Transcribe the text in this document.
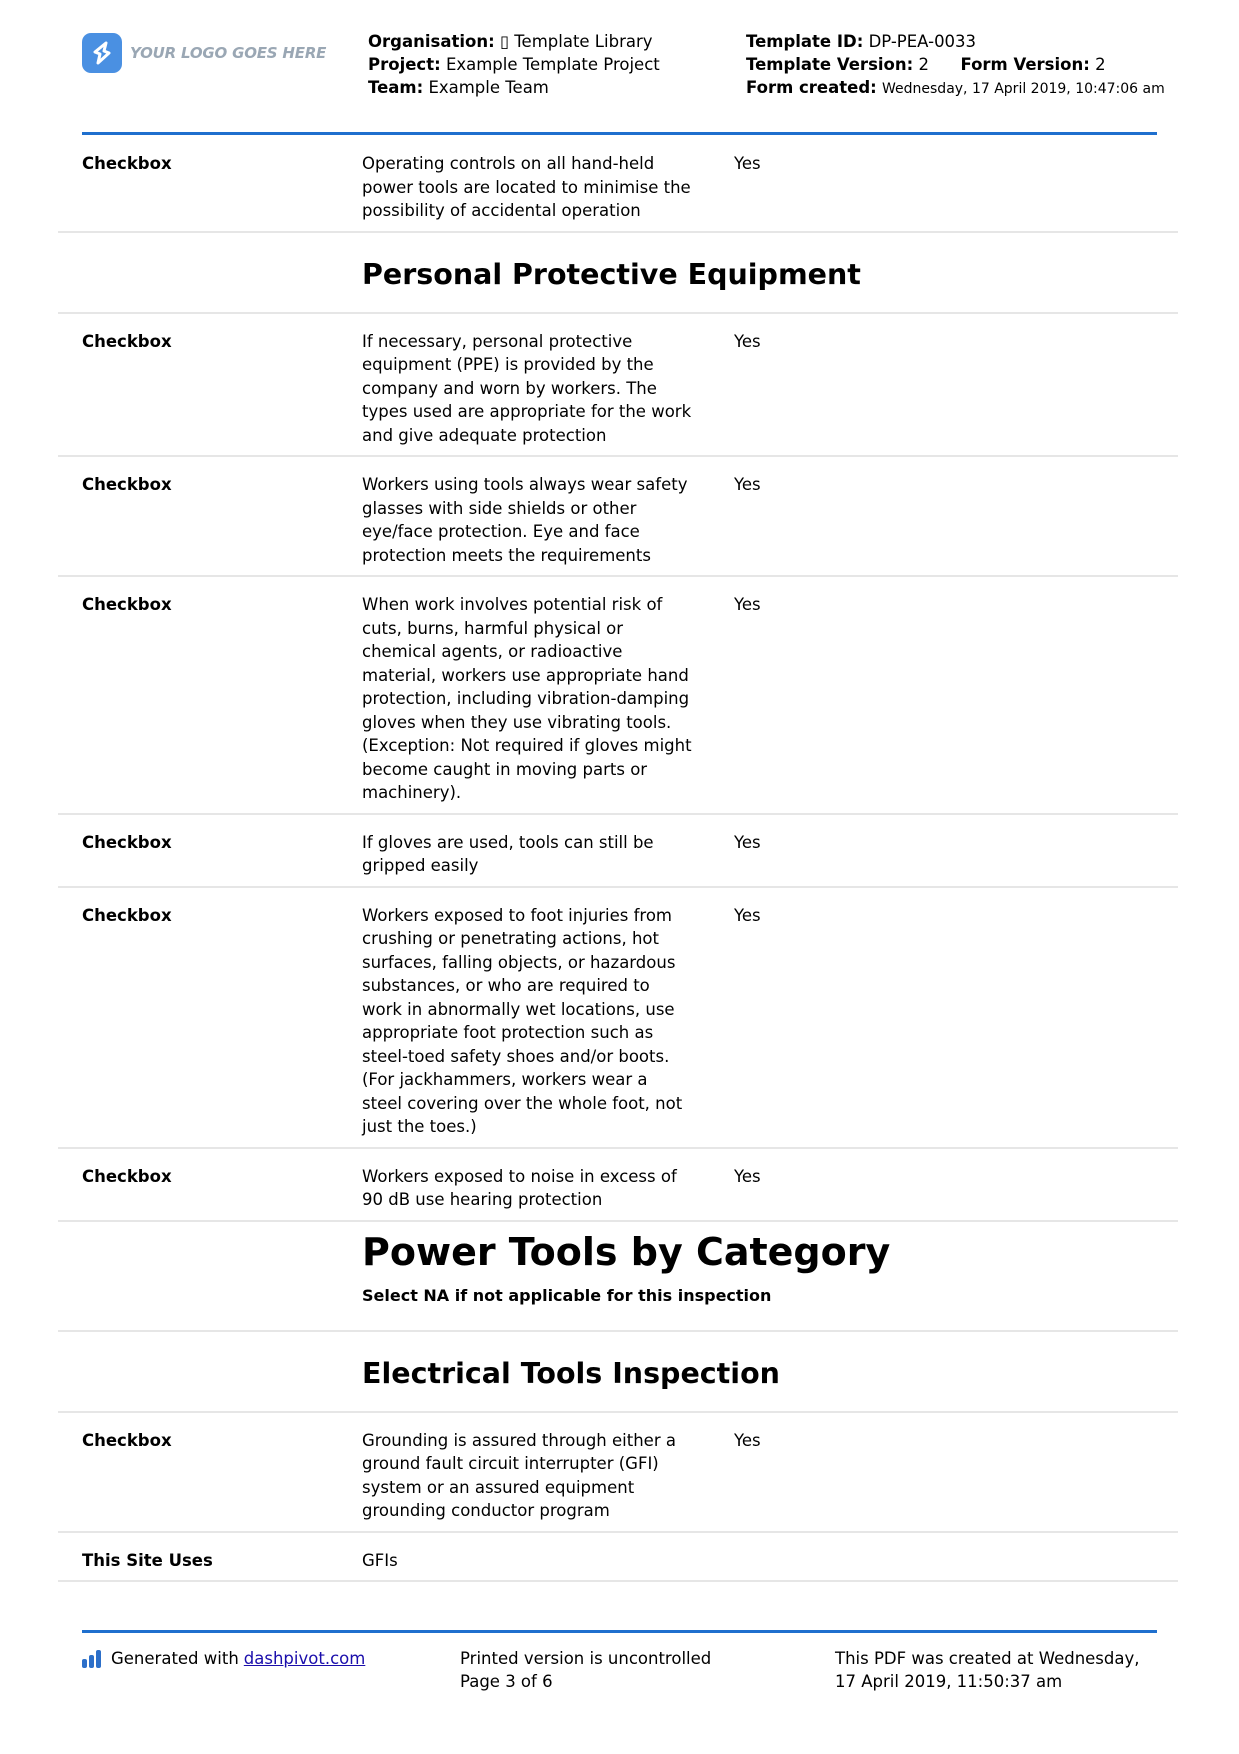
YOUR LOGO GOES HERE
Organisation: ▯ Template Library
Project: Example Template Project
Team: Example Team
Template ID: DP-PEA-0033
Template Version: 2 Form Version: 2
Form created: Wednesday, 17 April 2019, 10:47:06 am
Checkbox	Operating controls on all hand-held power tools are located to minimise the possibility of accidental operation
Yes
Personal Protective Equipment
Checkbox	If necessary, personal protective equipment (PPE) is provided by the company and worn by workers. The types used are appropriate for the work and give adequate protection
Yes
Checkbox	Workers using tools always wear safety glasses with side shields or other eye/face protection. Eye and face protection meets the requirements
Yes
Checkbox	When work involves potential risk of cuts, burns, harmful physical or chemical agents, or radioactive material, workers use appropriate hand protection, including vibration-damping gloves when they use vibrating tools. (Exception: Not required if gloves might become caught in moving parts or machinery).
Yes
Checkbox	If gloves are used, tools can still be gripped easily
Yes
Checkbox	Workers exposed to foot injuries from crushing or penetrating actions, hot surfaces, falling objects, or hazardous substances, or who are required to work in abnormally wet locations, use appropriate foot protection such as steel-toed safety shoes and/or boots. (For jackhammers, workers wear a steel covering over the whole foot, not just the toes.)
Yes
Checkbox	Workers exposed to noise in excess of 90 dB use hearing protection
Yes
Power Tools by Category
Select NA if not applicable for this inspection
Electrical Tools Inspection
Checkbox	Grounding is assured through either a ground fault circuit interrupter (GFI) system or an assured equipment grounding conductor program
Yes
This Site Uses	GFIs
Generated with dashpivot.com	Printed version is uncontrolled
Page 3 of 6
This PDF was created at Wednesday, 17 April 2019, 11:50:37 am
